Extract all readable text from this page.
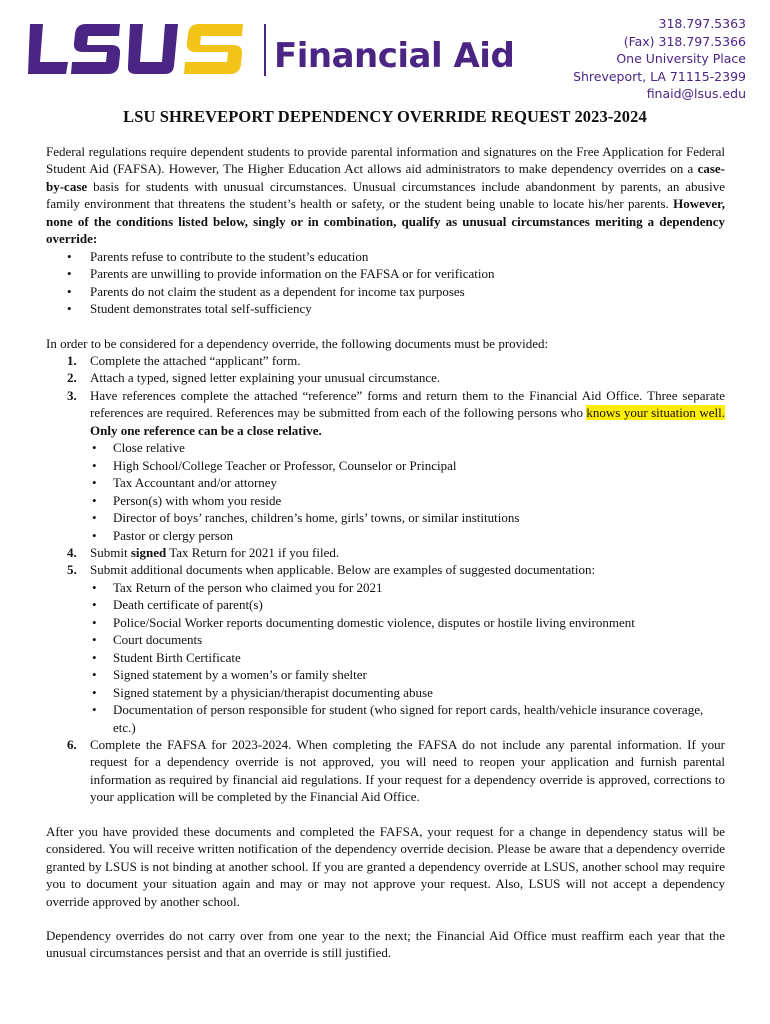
Financial Aid
318.797.5363
(Fax) 318.797.5366
One University Place
Shreveport, LA 71115-2399
finaid@lsus.edu
LSU SHREVEPORT DEPENDENCY OVERRIDE REQUEST 2023-2024

Federal regulations require dependent students to provide parental information and signatures on the Free Application for Federal Student Aid (FAFSA). However, The Higher Education Act allows aid administrators to make dependency overrides on a case-by-case basis for students with unusual circumstances. Unusual circumstances include abandonment by parents, an abusive family environment that threatens the student’s health or safety, or the student being unable to locate his/her parents. However, none of the conditions listed below, singly or in combination, qualify as unusual circumstances meriting a dependency override:

• Parents refuse to contribute to the student’s education
• Parents are unwilling to provide information on the FAFSA or for verification
• Parents do not claim the student as a dependent for income tax purposes
• Student demonstrates total self-sufficiency

In order to be considered for a dependency override, the following documents must be provided:

1. Complete the attached “applicant” form.
2. Attach a typed, signed letter explaining your unusual circumstance.
3. Have references complete the attached “reference” forms and return them to the Financial Aid Office. Three separate references are required. References may be submitted from each of the following persons who knows your situation well. Only one reference can be a close relative.
• Close relative
• High School/College Teacher or Professor, Counselor or Principal
• Tax Accountant and/or attorney
• Person(s) with whom you reside
• Director of boys’ ranches, children’s home, girls’ towns, or similar institutions
• Pastor or clergy person
4. Submit signed Tax Return for 2021 if you filed.
5. Submit additional documents when applicable. Below are examples of suggested documentation:
• Tax Return of the person who claimed you for 2021
• Death certificate of parent(s)
• Police/Social Worker reports documenting domestic violence, disputes or hostile living environment
• Court documents
• Student Birth Certificate
• Signed statement by a women’s or family shelter
• Signed statement by a physician/therapist documenting abuse
• Documentation of person responsible for student (who signed for report cards, health/vehicle insurance coverage, etc.)
6. Complete the FAFSA for 2023-2024. When completing the FAFSA do not include any parental information. If your request for a dependency override is not approved, you will need to reopen your application and furnish parental information as required by financial aid regulations. If your request for a dependency override is approved, corrections to your application will be completed by the Financial Aid Office.

After you have provided these documents and completed the FAFSA, your request for a change in dependency status will be considered. You will receive written notification of the dependency override decision. Please be aware that a dependency override granted by LSUS is not binding at another school. If you are granted a dependency override at LSUS, another school may require you to document your situation again and may or may not approve your request. Also, LSUS will not accept a dependency override approved by another school.

Dependency overrides do not carry over from one year to the next; the Financial Aid Office must reaffirm each year that the unusual circumstances persist and that an override is still justified.
